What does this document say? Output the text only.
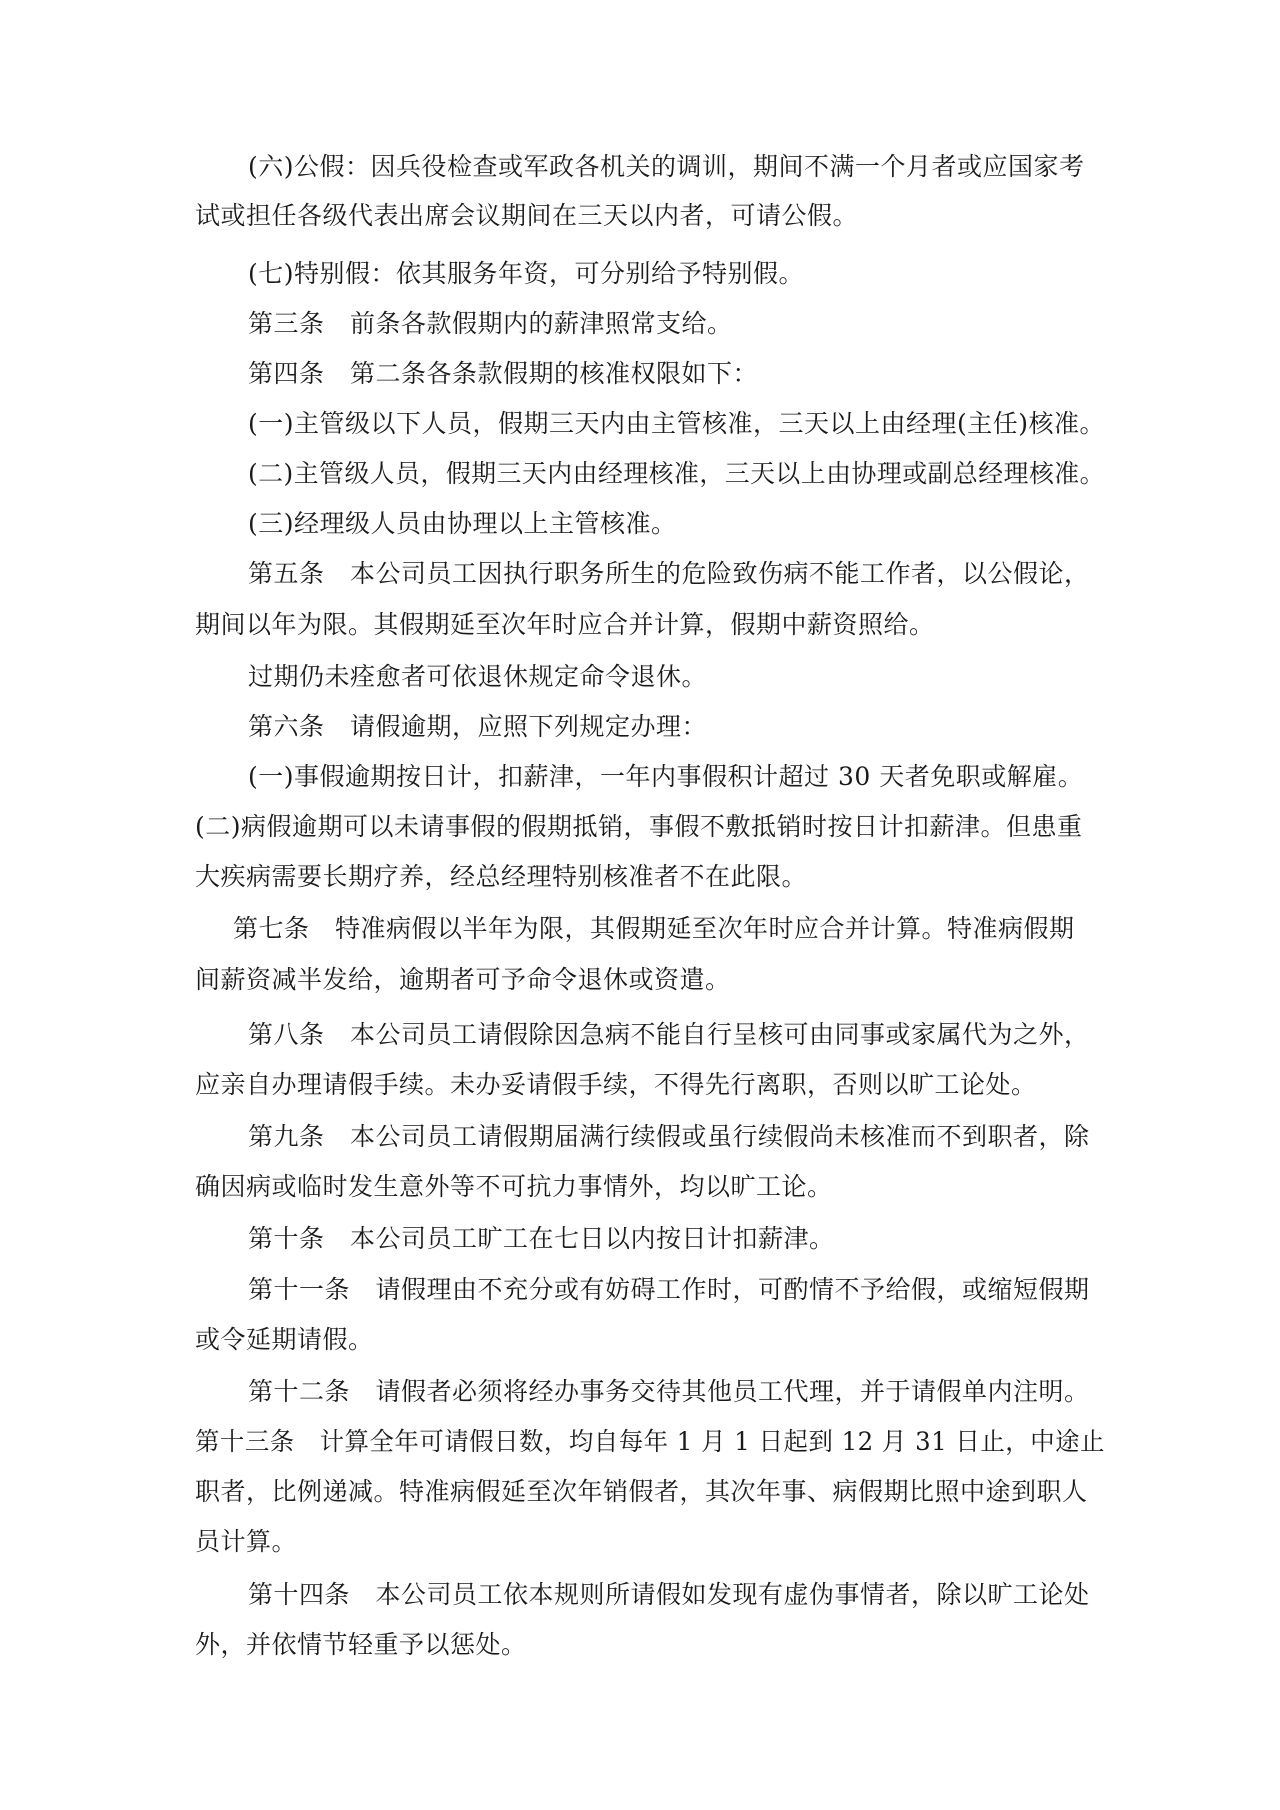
(六)公假：因兵役检查或军政各机关的调训，期间不满一个月者或应国家考
试或担任各级代表出席会议期间在三天以内者，可请公假。
(七)特别假：依其服务年资，可分别给予特别假。
第三条　前条各款假期内的薪津照常支给。
第四条　第二条各条款假期的核准权限如下：
(一)主管级以下人员，假期三天内由主管核准，三天以上由经理(主任)核准。
(二)主管级人员，假期三天内由经理核准，三天以上由协理或副总经理核准。
(三)经理级人员由协理以上主管核准。
第五条　本公司员工因执行职务所生的危险致伤病不能工作者，以公假论，
期间以年为限。其假期延至次年时应合并计算，假期中薪资照给。
过期仍未痊愈者可依退休规定命令退休。
第六条　请假逾期，应照下列规定办理：
(一)事假逾期按日计，扣薪津，一年内事假积计超过 30 天者免职或解雇。
(二)病假逾期可以未请事假的假期抵销，事假不敷抵销时按日计扣薪津。但患重
大疾病需要长期疗养，经总经理特别核准者不在此限。
第七条　特准病假以半年为限，其假期延至次年时应合并计算。特准病假期
间薪资减半发给，逾期者可予命令退休或资遣。
第八条　本公司员工请假除因急病不能自行呈核可由同事或家属代为之外，
应亲自办理请假手续。未办妥请假手续，不得先行离职，否则以旷工论处。
第九条　本公司员工请假期届满行续假或虽行续假尚未核准而不到职者，除
确因病或临时发生意外等不可抗力事情外，均以旷工论。
第十条　本公司员工旷工在七日以内按日计扣薪津。
第十一条　请假理由不充分或有妨碍工作时，可酌情不予给假，或缩短假期
或令延期请假。
第十二条　请假者必须将经办事务交待其他员工代理，并于请假单内注明。
第十三条　计算全年可请假日数，均自每年 1 月 1 日起到 12 月 31 日止，中途止
职者，比例递减。特准病假延至次年销假者，其次年事、病假期比照中途到职人
员计算。
第十四条　本公司员工依本规则所请假如发现有虚伪事情者，除以旷工论处
外，并依情节轻重予以惩处。
